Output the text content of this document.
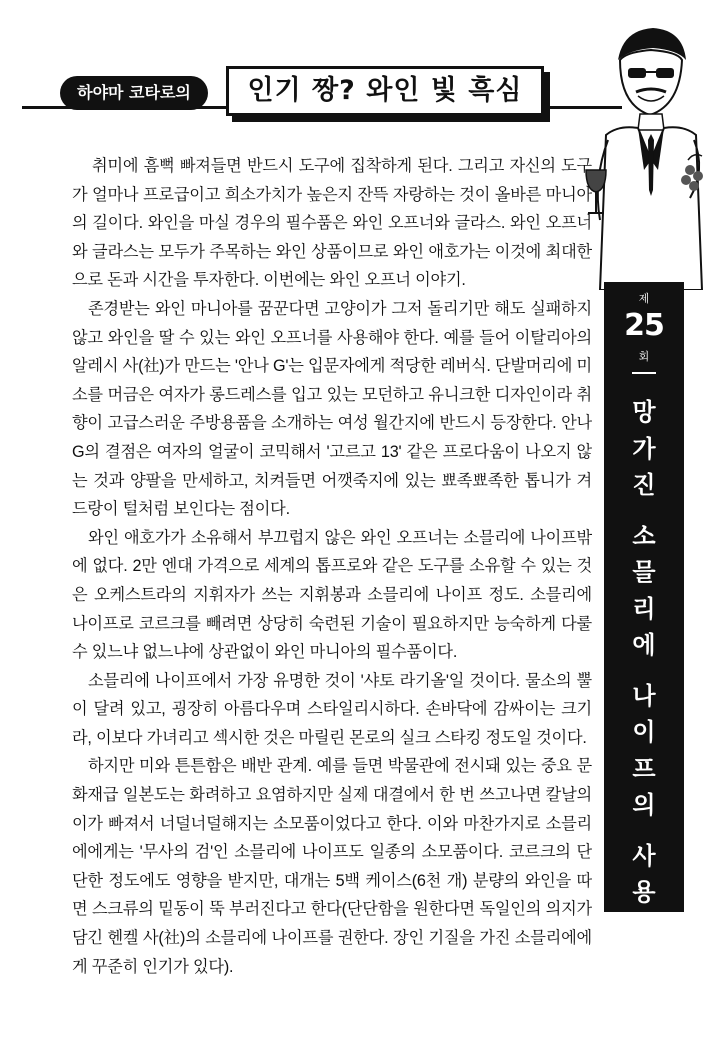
하야마 코타로의	인기 짱? 와인 빛 흑심
제
25
회
망
가
진

소
믈
리
에

나
이
프
의

사
용

방
법

취미에 흠뻑 빠져들면 반드시 도구에 집착하게 된다. 그리고 자신의 도구가 얼마나 프로급이고 희소가치가 높은지 잔뜩 자랑하는 것이 올바른 마니아의 길이다. 와인을 마실 경우의 필수품은 와인 오프너와 글라스. 와인 오프너와 글라스는 모두가 주목하는 와인 상품이므로 와인 애호가는 이것에 최대한으로 돈과 시간을 투자한다. 이번에는 와인 오프너 이야기.

존경받는 와인 마니아를 꿈꾼다면 고양이가 그저 돌리기만 해도 실패하지 않고 와인을 딸 수 있는 와인 오프너를 사용해야 한다. 예를 들어 이탈리아의 알레시 사(社)가 만드는 '안나 G'는 입문자에게 적당한 레버식. 단발머리에 미소를 머금은 여자가 롱드레스를 입고 있는 모던하고 유니크한 디자인이라 취향이 고급스러운 주방용품을 소개하는 여성 월간지에 반드시 등장한다. 안나 G의 결점은 여자의 얼굴이 코믹해서 '고르고 13' 같은 프로다움이 나오지 않는 것과 양팔을 만세하고, 치켜들면 어깻죽지에 있는 뾰족뾰족한 톱니가 겨드랑이 털처럼 보인다는 점이다.

와인 애호가가 소유해서 부끄럽지 않은 와인 오프너는 소믈리에 나이프밖에 없다. 2만 엔대 가격으로 세계의 톱프로와 같은 도구를 소유할 수 있는 것은 오케스트라의 지휘자가 쓰는 지휘봉과 소믈리에 나이프 정도. 소믈리에 나이프로 코르크를 빼려면 상당히 숙련된 기술이 필요하지만 능숙하게 다룰 수 있느냐 없느냐에 상관없이 와인 마니아의 필수품이다.

소믈리에 나이프에서 가장 유명한 것이 '샤토 라기올'일 것이다. 물소의 뿔이 달려 있고, 굉장히 아름다우며 스타일리시하다. 손바닥에 감싸이는 크기라, 이보다 가녀리고 섹시한 것은 마릴린 몬로의 실크 스타킹 정도일 것이다.

하지만 미와 튼튼함은 배반 관계. 예를 들면 박물관에 전시돼 있는 중요 문화재급 일본도는 화려하고 요염하지만 실제 대결에서 한 번 쓰고나면 칼날의 이가 빠져서 너덜너덜해지는 소모품이었다고 한다. 이와 마찬가지로 소믈리에에게는 '무사의 검'인 소믈리에 나이프도 일종의 소모품이다. 코르크의 단단한 정도에도 영향을 받지만, 대개는 5백 케이스(6천 개) 분량의 와인을 따면 스크류의 밑동이 뚝 부러진다고 한다(단단함을 원한다면 독일인의 의지가 담긴 헨켈 사(社)의 소믈리에 나이프를 권한다. 장인 기질을 가진 소믈리에에게 꾸준히 인기가 있다).
